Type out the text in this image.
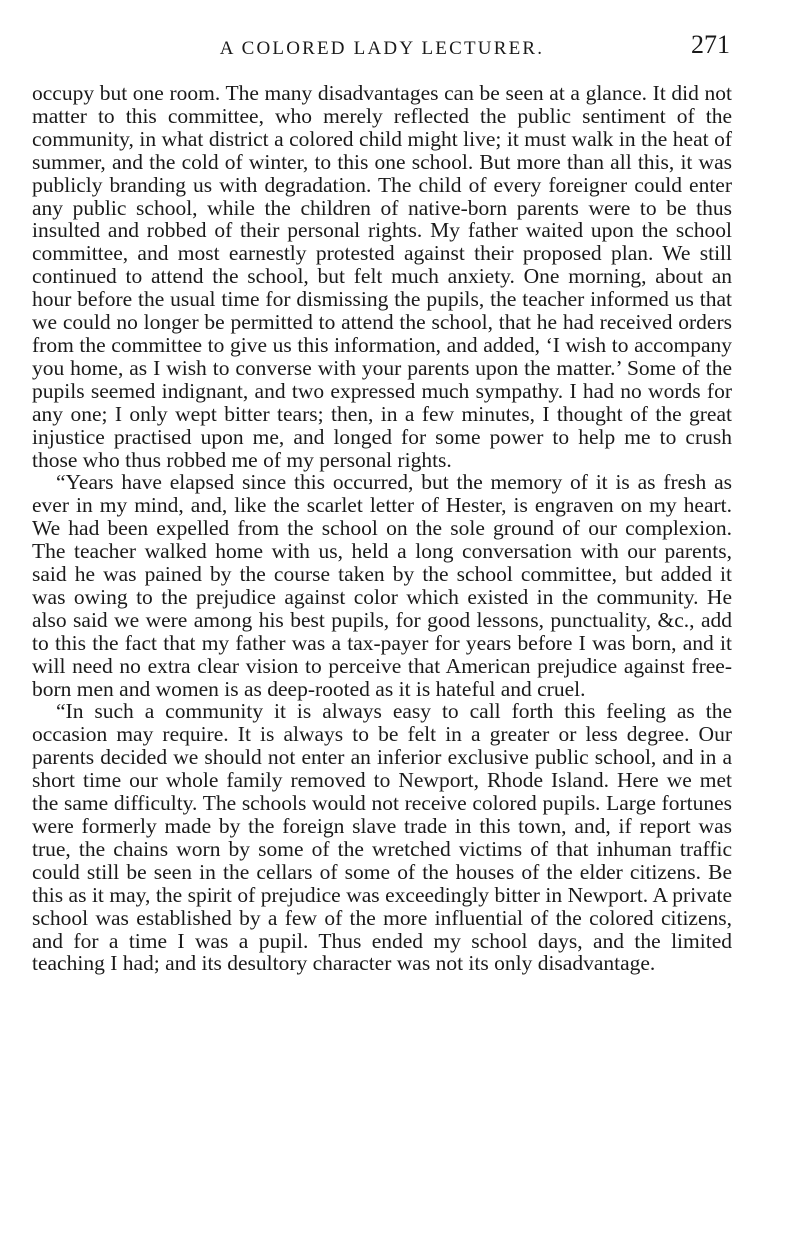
A COLORED LADY LECTURER.	271

occupy but one room. The many disadvantages can be seen at a glance. It did not matter to this committee, who merely reflected the public sentiment of the community, in what district a colored child might live; it must walk in the heat of summer, and the cold of winter, to this one school. But more than all this, it was publicly branding us with degradation. The child of every foreigner could enter any public school, while the children of native-born parents were to be thus insulted and robbed of their personal rights. My father waited upon the school committee, and most earnestly protested against their proposed plan. We still continued to attend the school, but felt much anxiety. One morning, about an hour before the usual time for dismissing the pupils, the teacher informed us that we could no longer be permitted to attend the school, that he had received orders from the committee to give us this information, and added, ‘I wish to accompany you home, as I wish to converse with your parents upon the matter.’ Some of the pupils seemed indignant, and two expressed much sympathy. I had no words for any one; I only wept bitter tears; then, in a few minutes, I thought of the great injustice practised upon me, and longed for some power to help me to crush those who thus robbed me of my personal rights.

“Years have elapsed since this occurred, but the memory of it is as fresh as ever in my mind, and, like the scarlet letter of Hester, is engraven on my heart. We had been expelled from the school on the sole ground of our complexion. The teacher walked home with us, held a long conversation with our parents, said he was pained by the course taken by the school committee, but added it was owing to the prejudice against color which existed in the community. He also said we were among his best pupils, for good lessons, punctuality, &c., add to this the fact that my father was a tax-payer for years before I was born, and it will need no extra clear vision to perceive that American prejudice against free-born men and women is as deep-rooted as it is hateful and cruel.

“In such a community it is always easy to call forth this feeling as the occasion may require. It is always to be felt in a greater or less degree. Our parents decided we should not enter an inferior exclusive public school, and in a short time our whole family removed to Newport, Rhode Island. Here we met the same difficulty. The schools would not receive colored pupils. Large fortunes were formerly made by the foreign slave trade in this town, and, if report was true, the chains worn by some of the wretched victims of that inhuman traffic could still be seen in the cellars of some of the houses of the elder citizens. Be this as it may, the spirit of prejudice was exceedingly bitter in Newport. A private school was established by a few of the more influential of the colored citizens, and for a time I was a pupil. Thus ended my school days, and the limited teaching I had; and its desultory character was not its only disadvantage.
